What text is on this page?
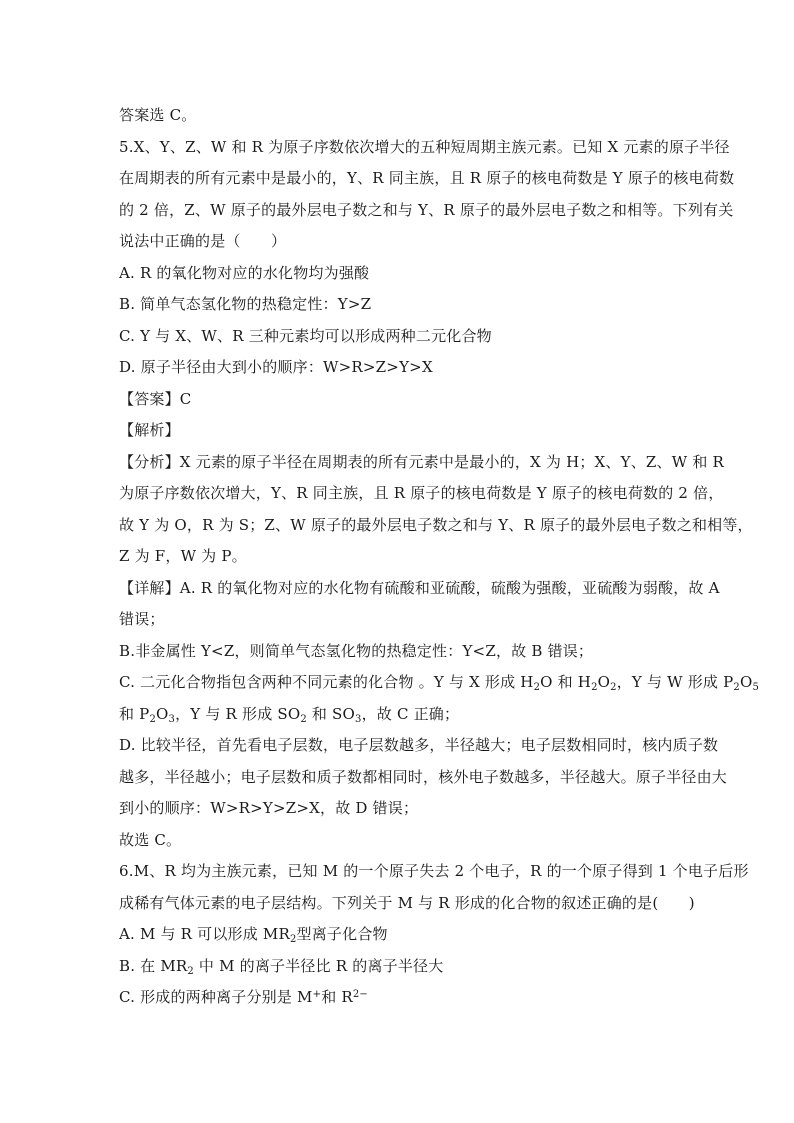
答案选 C。
5.X、Y、Z、W 和 R 为原子序数依次增大的五种短周期主族元素。已知 X 元素的原子半径
在周期表的所有元素中是最小的，Y、R 同主族，且 R 原子的核电荷数是 Y 原子的核电荷数
的 2 倍，Z、W 原子的最外层电子数之和与 Y、R 原子的最外层电子数之和相等。下列有关
说法中正确的是（　　）
A. R 的氧化物对应的水化物均为强酸
B. 简单气态氢化物的热稳定性：Y>Z
C. Y 与 X、W、R 三种元素均可以形成两种二元化合物
D. 原子半径由大到小的顺序：W>R>Z>Y>X
【答案】C
【解析】
【分析】X 元素的原子半径在周期表的所有元素中是最小的，X 为 H；X、Y、Z、W 和 R
为原子序数依次增大，Y、R 同主族，且 R 原子的核电荷数是 Y 原子的核电荷数的 2 倍，
故 Y 为 O，R 为 S；Z、W 原子的最外层电子数之和与 Y、R 原子的最外层电子数之和相等，
Z 为 F，W 为 P。
【详解】A. R 的氧化物对应的水化物有硫酸和亚硫酸，硫酸为强酸，亚硫酸为弱酸，故 A
错误；
B.非金属性 Y<Z，则简单气态氢化物的热稳定性：Y<Z，故 B 错误；
C. 二元化合物指包含两种不同元素的化合物 。Y 与 X 形成 $H_2O$ 和 $H_2O_2$，Y 与 W 形成 $P_2O_5$
和 $P_2O_3$，Y 与 R 形成 $SO_2$ 和 $SO_3$，故 C 正确；
D. 比较半径，首先看电子层数，电子层数越多，半径越大；电子层数相同时，核内质子数
越多，半径越小；电子层数和质子数都相同时，核外电子数越多，半径越大。原子半径由大
到小的顺序：W>R>Y>Z>X，故 D 错误；
故选 C。
6.M、R 均为主族元素，已知 M 的一个原子失去 2 个电子，R 的一个原子得到 1 个电子后形
成稀有气体元素的电子层结构。下列关于 M 与 R 形成的化合物的叙述正确的是(　　)
A. M 与 R 可以形成 $MR_2$型离子化合物
B. 在 $MR_2$ 中 M 的离子半径比 R 的离子半径大
C. 形成的两种离子分别是 M+和 $R^{2-}$
